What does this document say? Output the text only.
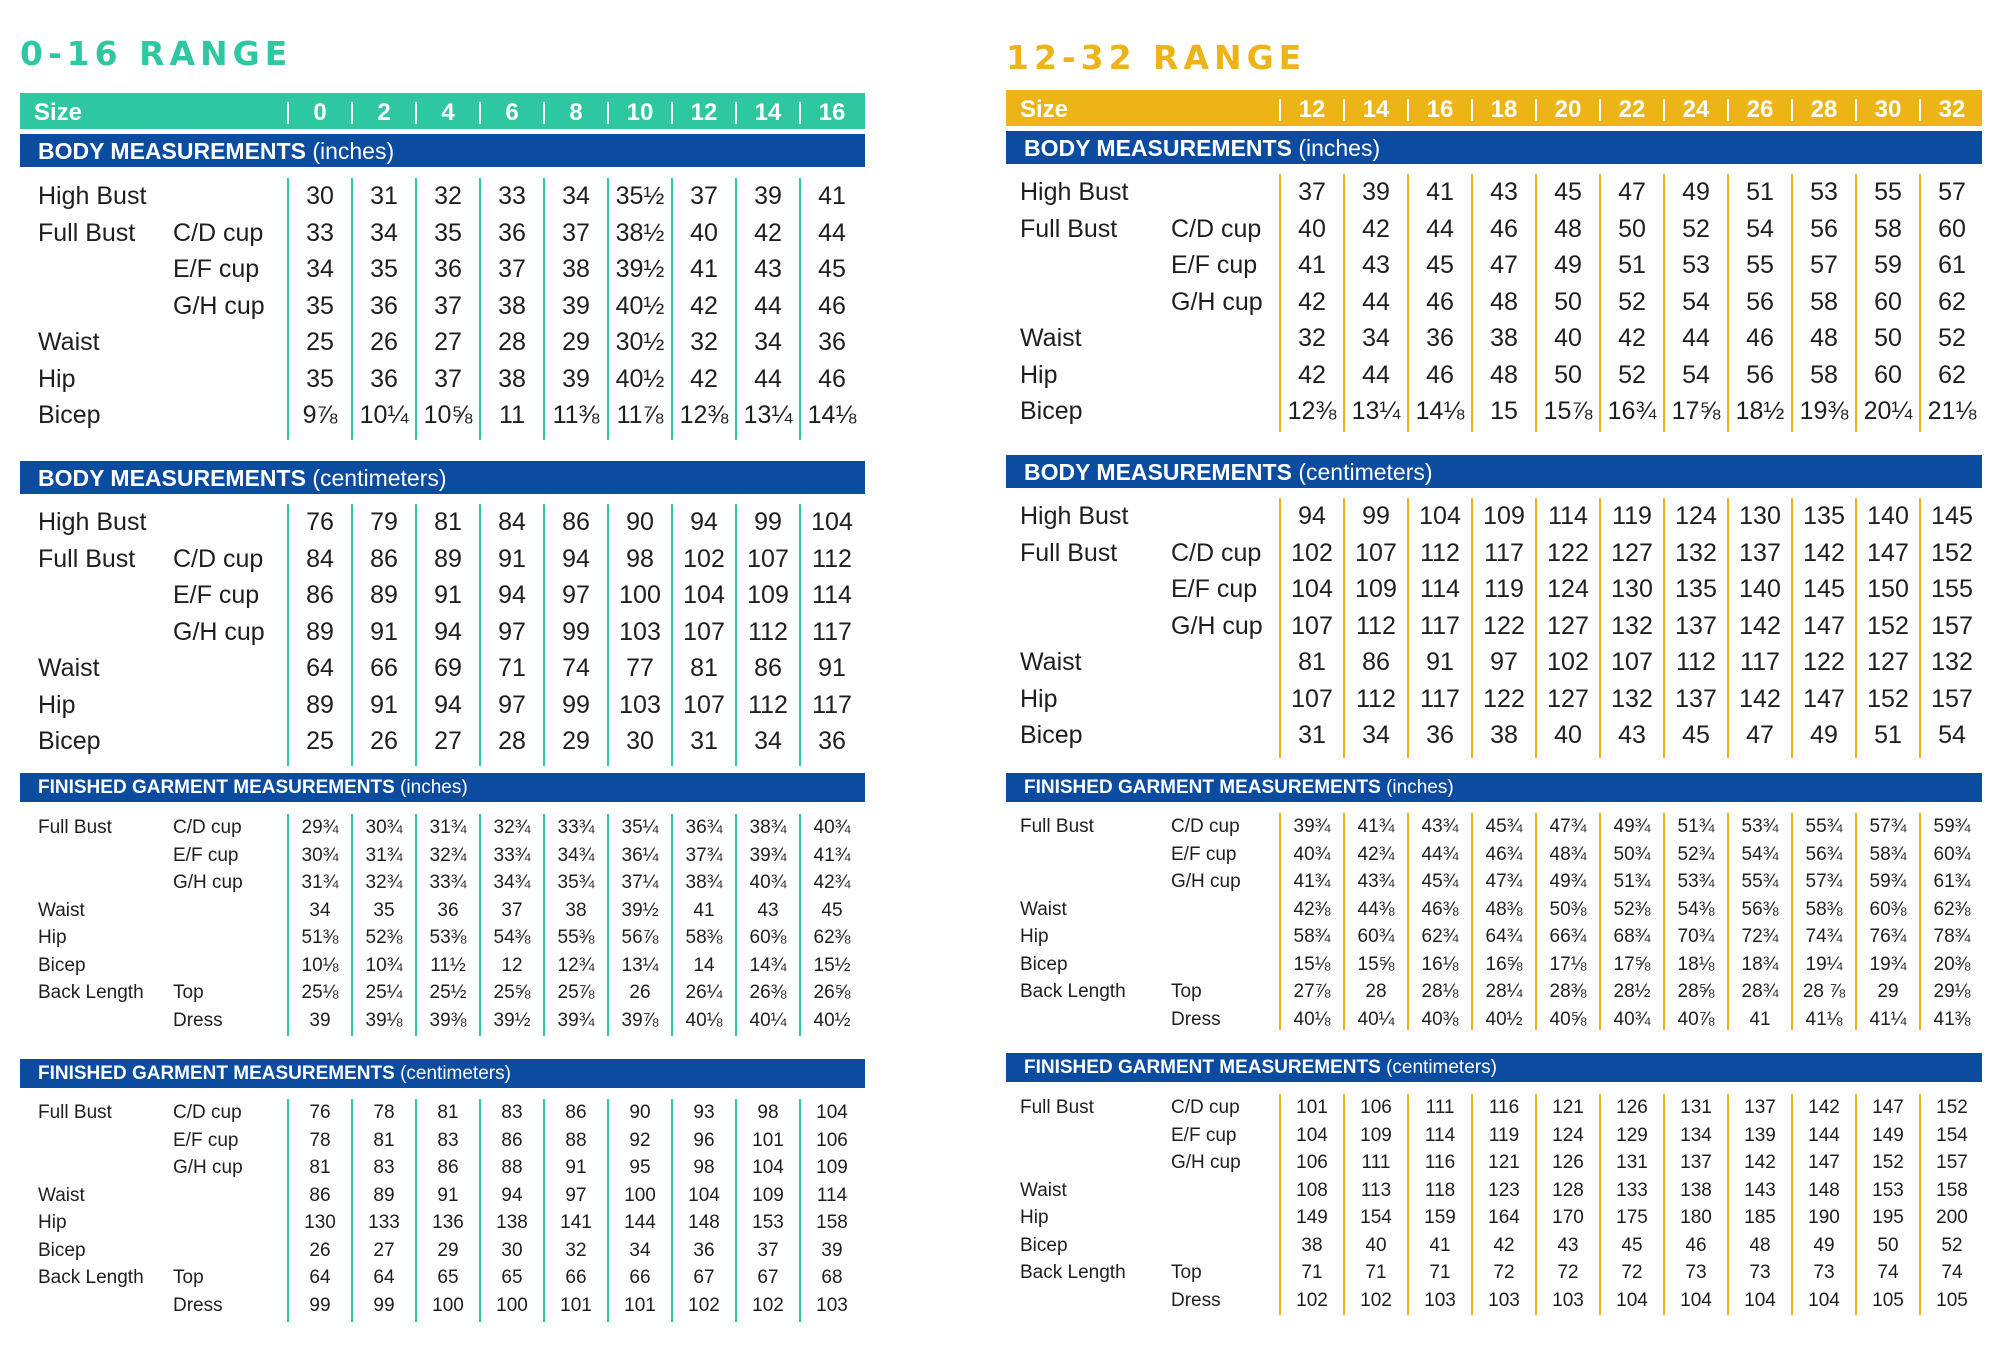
0-16 RANGE
Size	0	2	4	6	8	10	12	14	16
BODY MEASUREMENTS (inches)
High Bust	30	31	32	33	34	35½	37	39	41
Full Bust C/D cup	33	34	35	36	37	38½	40	42	44
E/F cup	34	35	36	37	38	39½	41	43	45
G/H cup	35	36	37	38	39	40½	42	44	46
Waist	25	26	27	28	29	30½	32	34	36
Hip	35	36	37	38	39	40½	42	44	46
Bicep	9⅞ 10¼ 10⅝	11	11⅜ 11⅞ 12⅜ 13¼ 14⅛
BODY MEASUREMENTS (centimeters)
High Bust	76	79	81	84	86	90	94	99	104
Full Bust C/D cup	84	86	89	91	94	98	102 107 112
E/F cup	86	89	91	94	97	100 104 109 114
G/H cup	89	91	94	97	99	103 107 112 117
Waist	64	66	69	71	74	77	81	86	91
Hip	89	91	94	97	99	103 107 112 117
Bicep	25	26	27	28	29	30	31	34	36
FINISHED GARMENT MEASUREMENTS (inches)
Full Bust	C/D cup	29¾	30¾	31¾	32¾	33¾	35¼	36¾	38¾	40¾
E/F cup	30¾	31¾	32¾	33¾	34¾	36¼	37¾	39¾	41¾
G/H cup	31¾	32¾	33¾	34¾	35¾	37¼	38¾	40¾	42¾
Waist	34	35	36	37	38	39½	41	43	45
Hip	51⅜	52⅜	53⅜	54⅜	55⅜	56⅞	58⅜	60⅜	62⅜
Bicep	10⅛	10¾	11½	12	12¾	13¼	14	14¾	15½
Back Length Top	25⅛	25¼	25½	25⅝	25⅞	26	26¼	26⅜	26⅝
Dress	39	39⅛	39⅜	39½	39¾	39⅞	40⅛	40¼	40½
FINISHED GARMENT MEASUREMENTS (centimeters)
Full Bust	C/D cup	76	78	81	83	86	90	93	98	104
E/F cup	78	81	83	86	88	92	96	101	106
G/H cup	81	83	86	88	91	95	98	104	109
Waist	86	89	91	94	97	100	104	109	114
Hip	130	133	136	138	141	144	148	153	158
Bicep	26	27	29	30	32	34	36	37	39
Back Length Top	64	64	65	65	66	66	67	67	68
Dress	99	99	100	100	101	101	102	102	103
12-32 RANGE
Size	12	14	16	18	20	22	24	26	28	30	32
BODY MEASUREMENTS (inches)
High Bust	37	39	41	43	45	47	49	51	53	55	57
Full Bust C/D cup	40	42	44	46	48	50	52	54	56	58	60
E/F cup	41	43	45	47	49	51	53	55	57	59	61
G/H cup	42	44	46	48	50	52	54	56	58	60	62
Waist	32	34	36	38	40	42	44	46	48	50	52
Hip	42	44	46	48	50	52	54	56	58	60	62
Bicep	12⅜ 13¼ 14⅛	15	15⅞ 16¾ 17⅝ 18½ 19⅜ 20¼ 21⅛
BODY MEASUREMENTS (centimeters)
High Bust	94	99	104 109 114 119 124 130 135 140 145
Full Bust C/D cup	102 107 112 117 122 127 132 137 142 147 152
E/F cup	104 109 114 119 124 130 135 140 145 150 155
G/H cup	107 112 117 122 127 132 137 142 147 152 157
Waist	81	86	91	97	102 107 112 117 122 127 132
Hip	107 112 117 122 127 132 137 142 147 152 157
Bicep	31	34	36	38	40	43	45	47	49	51	54
FINISHED GARMENT MEASUREMENTS (inches)
Full Bust	C/D cup	39¾	41¾	43¾	45¾	47¾	49¾	51¾	53¾	55¾	57¾	59¾
E/F cup	40¾	42¾	44¾	46¾	48¾	50¾	52¾	54¾	56¾	58¾	60¾
G/H cup	41¾	43¾	45¾	47¾	49¾	51¾	53¾	55¾	57¾	59¾	61¾
Waist	42⅜	44⅜	46⅜	48⅜	50⅜	52⅜	54⅜	56⅜	58⅜	60⅜	62⅜
Hip	58¾	60¾	62¾	64¾	66¾	68¾	70¾	72¾	74¾	76¾	78¾
Bicep	15⅛	15⅝	16⅛	16⅝	17⅛	17⅝	18⅛	18¾	19¼	19¾	20⅜
Back Length Top	27⅞	28	28⅛	28¼	28⅜	28½	28⅝	28¾	28 ⅞	29	29⅛
Dress	40⅛	40¼	40⅜	40½	40⅝	40¾	40⅞	41	41⅛	41¼	41⅜
FINISHED GARMENT MEASUREMENTS (centimeters)
Full Bust	C/D cup	101	106	111	116	121	126	131	137	142	147	152
E/F cup	104	109	114	119	124	129	134	139	144	149	154
G/H cup	106	111	116	121	126	131	137	142	147	152	157
Waist	108	113	118	123	128	133	138	143	148	153	158
Hip	149	154	159	164	170	175	180	185	190	195	200
Bicep	38	40	41	42	43	45	46	48	49	50	52
Back Length Top	71	71	71	72	72	72	73	73	73	74	74
Dress	102	102	103	103	103	104	104	104	104	105	105
